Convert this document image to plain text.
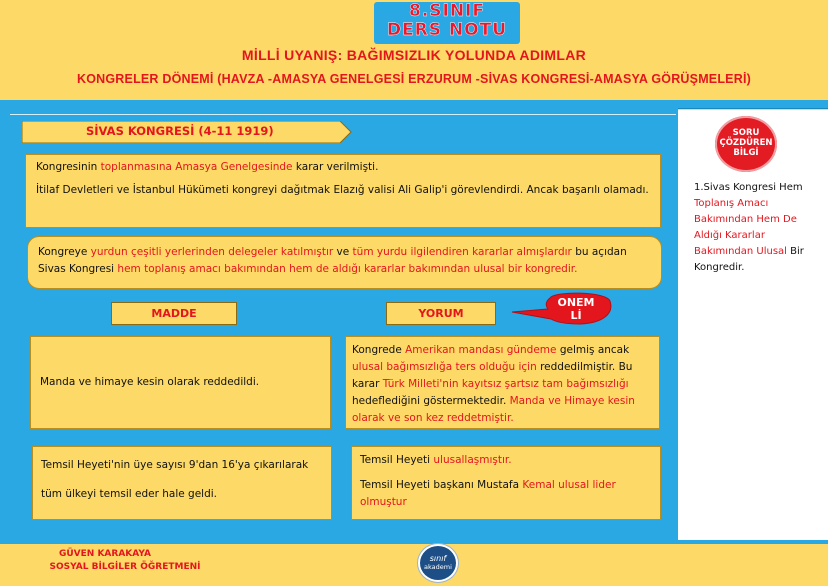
8.SINIF
DERS NOTU
MİLLİ UYANIŞ: BAĞIMSIZLIK YOLUNDA ADIMLAR
KONGRELER DÖNEMİ (HAVZA -AMASYA GENELGESİ ERZURUM -SİVAS KONGRESİ-AMASYA GÖRÜŞMELERİ)
SİVAS KONGRESİ (4-11 1919)

Kongresinin toplanmasına Amasya Genelgesinde karar verilmişti.

İtilaf Devletleri ve İstanbul Hükümeti kongreyi dağıtmak Elazığ valisi Ali Galip'i görevlendirdi. Ancak başarılı olamadı.

Kongreye yurdun çeşitli yerlerinden delegeler katılmıştır ve tüm yurdu ilgilendiren kararlar almışlardır bu açıdan Sivas Kongresi hem toplanış amacı bakımından hem de aldığı kararlar bakımından ulusal bir kongredir.

MADDE	YORUM
ONEM
Lİ

Manda ve himaye kesin olarak reddedildi.

Kongrede Amerikan mandası gündeme gelmiş ancak ulusal bağımsızlığa ters olduğu için reddedilmiştir. Bu karar Türk Milleti'nin kayıtsız şartsız tam bağımsızlığı hedeflediğini göstermektedir. Manda ve Himaye kesin olarak ve son kez reddetmiştir.

Temsil Heyeti'nin üye sayısı 9'dan 16'ya çıkarılarak

tüm ülkeyi temsil eder hale geldi.

Temsil Heyeti ulusallaşmıştır.

Temsil Heyeti başkanı Mustafa Kemal ulusal lider olmuştur

SORU
ÇÖZDÜREN
BİLGİ

1.Sivas Kongresi Hem Toplanış Amacı Bakımından Hem De Aldığı Kararlar Bakımından Ulusal Bir Kongredir.

GÜVEN KARAKAYA
SOSYAL BİLGİLER ÖĞRETMENİ
sınıf
akademi
